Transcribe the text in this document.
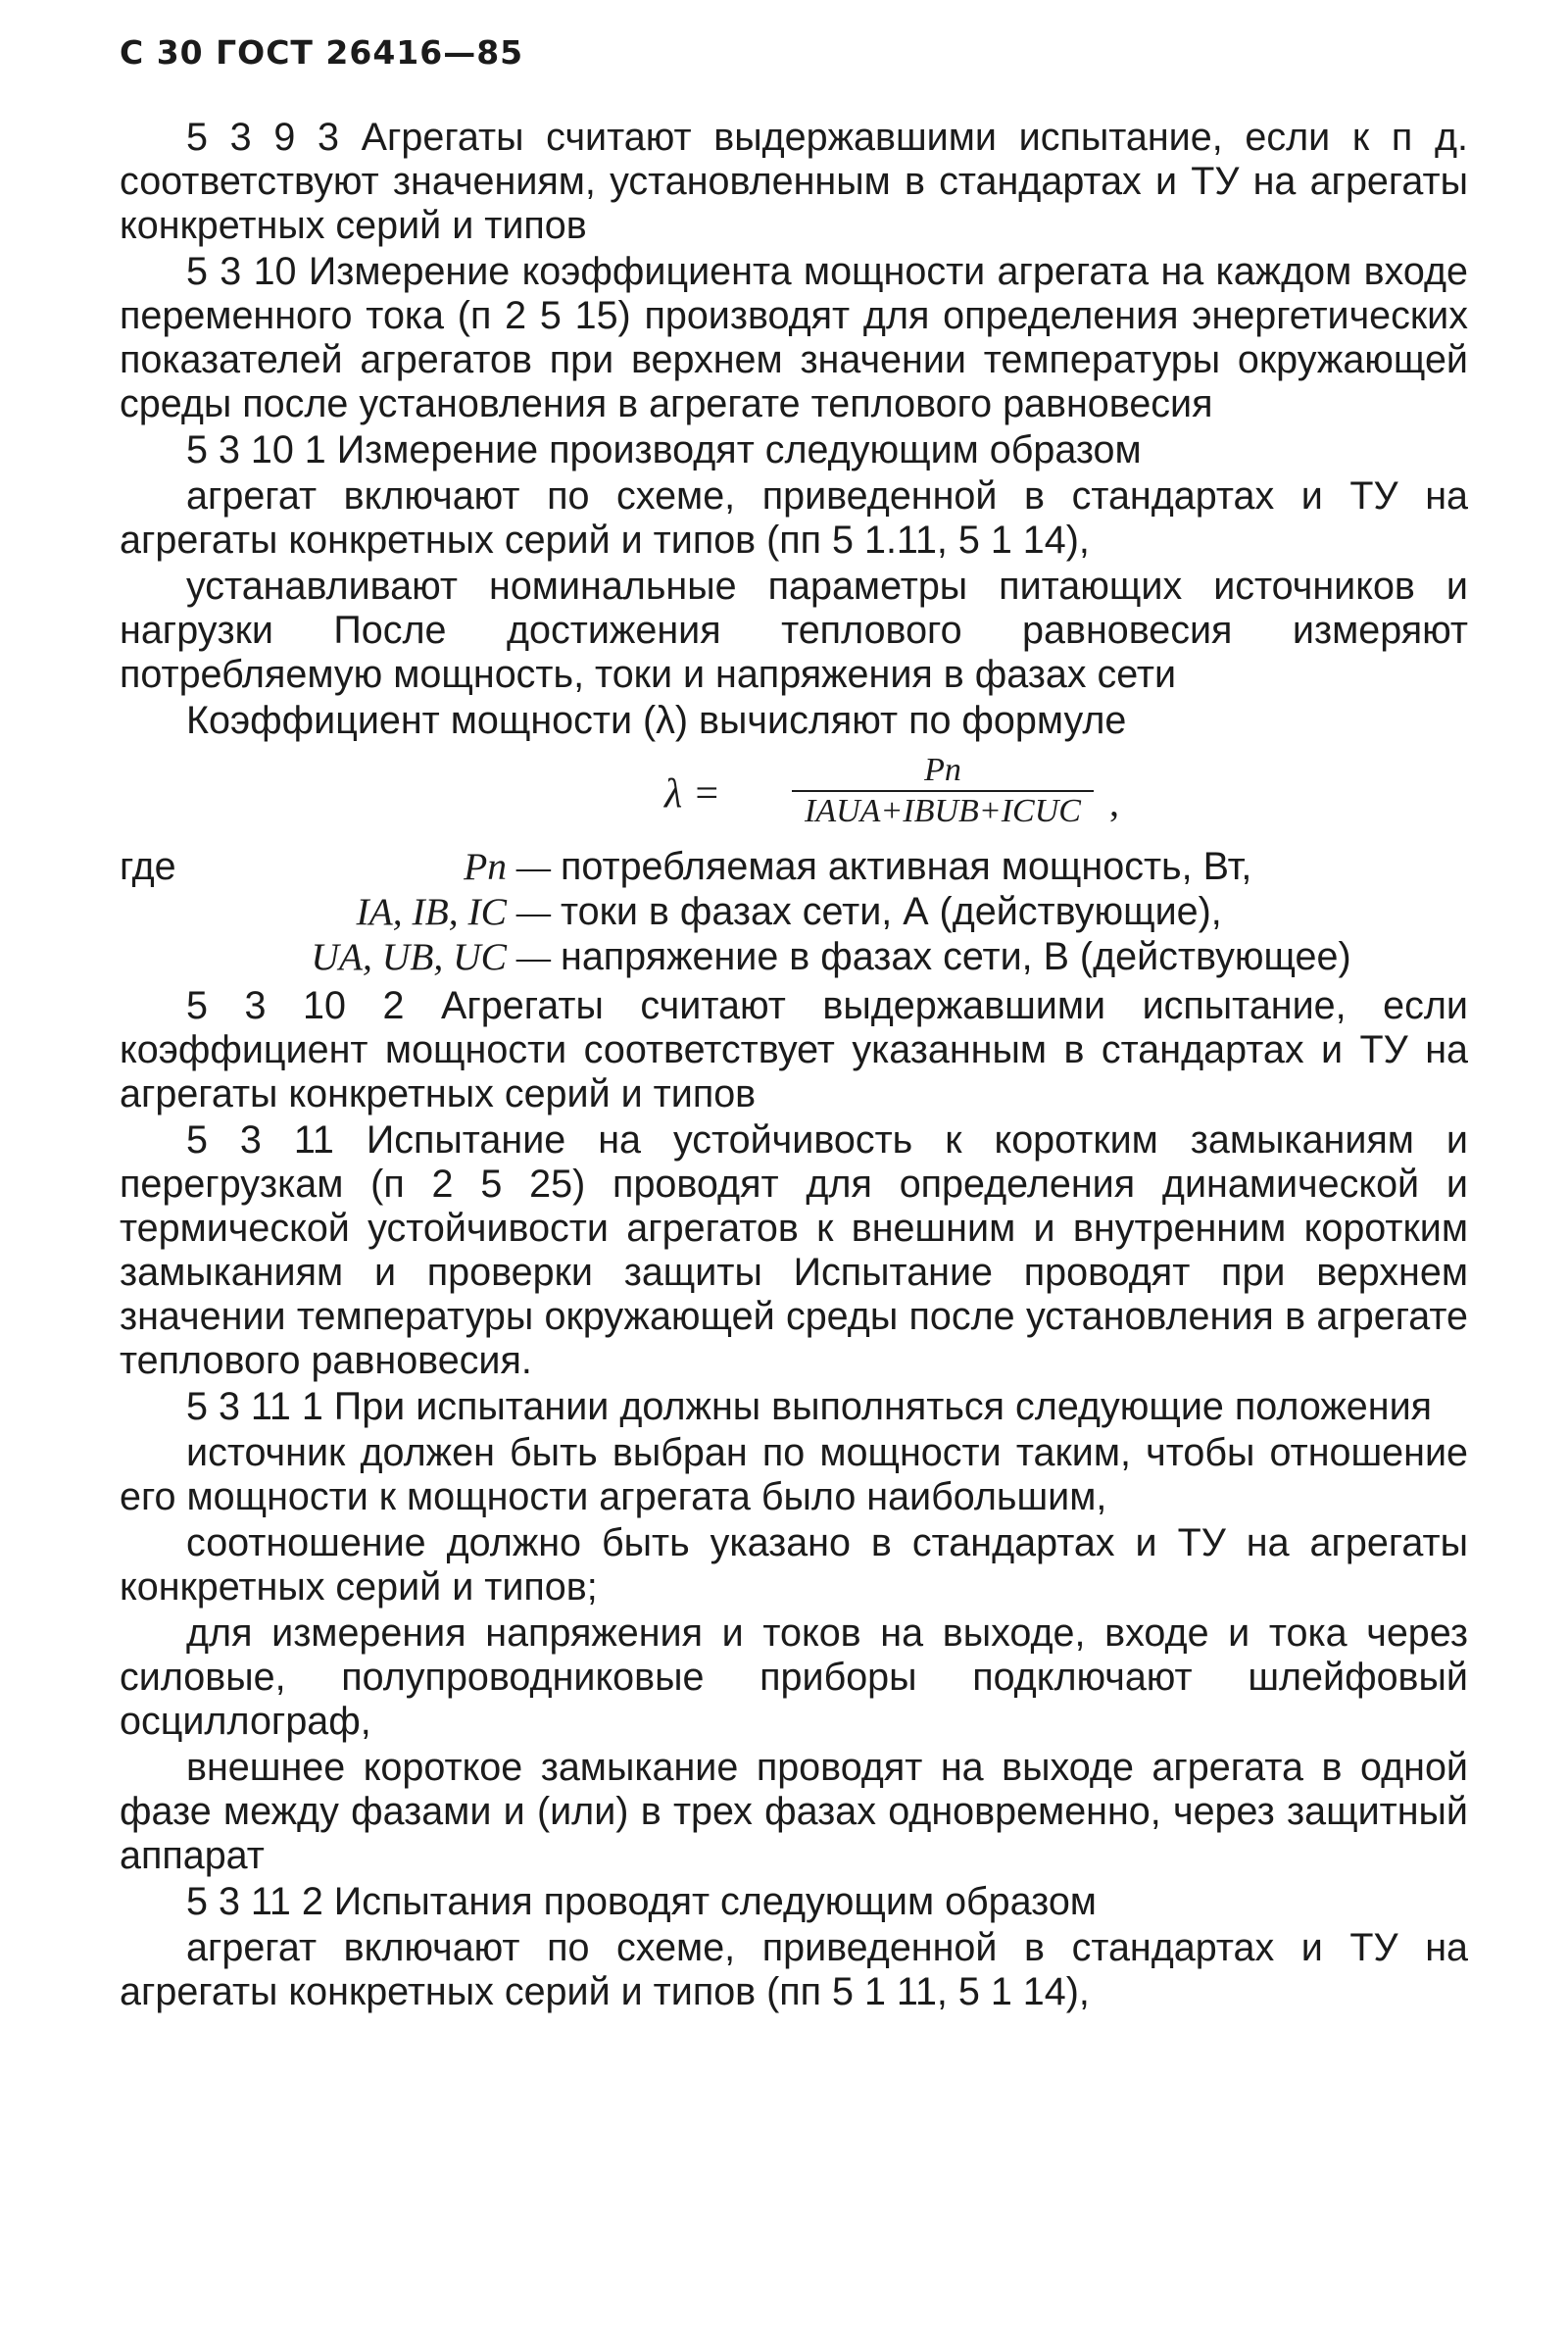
С 30 ГОСТ 26416—85

5 3 9 3 Агрегаты считают выдержавшими испытание, если к п д. соответствуют значениям, установленным в стандартах и ТУ на агрегаты конкретных серий и типов

5 3 10 Измерение коэффициента мощности агрегата на каждом входе переменного тока (п 2 5 15) производят для определения энергетических показателей агрегатов при верхнем значении температуры окружающей среды после установления в агрегате теплового равновесия

5 3 10 1 Измерение производят следующим образом

агрегат включают по схеме, приведенной в стандартах и ТУ на агрегаты конкретных серий и типов (пп 5 1.11, 5 1 14),

устанавливают номинальные параметры питающих источников и нагрузки После достижения теплового равновесия измеряют потребляемую мощность, токи и напряжения в фазах сети

Коэффициент мощности (λ) вычисляют по формуле

λ =
Pп
IАUА+IВUВ+IСUС ,
где	Pп — потребляемая активная мощность, Вт,
IА, IВ, IС — токи в фазах сети, А (действующие),
UА, UВ, UС — напряжение в фазах сети, В (действующее)

5 3 10 2 Агрегаты считают выдержавшими испытание, если коэффициент мощности соответствует указанным в стандартах и ТУ на агрегаты конкретных серий и типов

5 3 11 Испытание на устойчивость к коротким замыканиям и перегрузкам (п 2 5 25) проводят для определения динамической и термической устойчивости агрегатов к внешним и внутренним коротким замыканиям и проверки защиты Испытание проводят при верхнем значении температуры окружающей среды после установления в агрегате теплового равновесия.

5 3 11 1 При испытании должны выполняться следующие положения

источник должен быть выбран по мощности таким, чтобы отношение его мощности к мощности агрегата было наибольшим,

соотношение должно быть указано в стандартах и ТУ на агрегаты конкретных серий и типов;

для измерения напряжения и токов на выходе, входе и тока через силовые, полупроводниковые приборы подключают шлейфовый осциллограф,

внешнее короткое замыкание проводят на выходе агрегата в одной фазе между фазами и (или) в трех фазах одновременно, через защитный аппарат

5 3 11 2 Испытания проводят следующим образом

агрегат включают по схеме, приведенной в стандартах и ТУ на агрегаты конкретных серий и типов (пп 5 1 11, 5 1 14),
